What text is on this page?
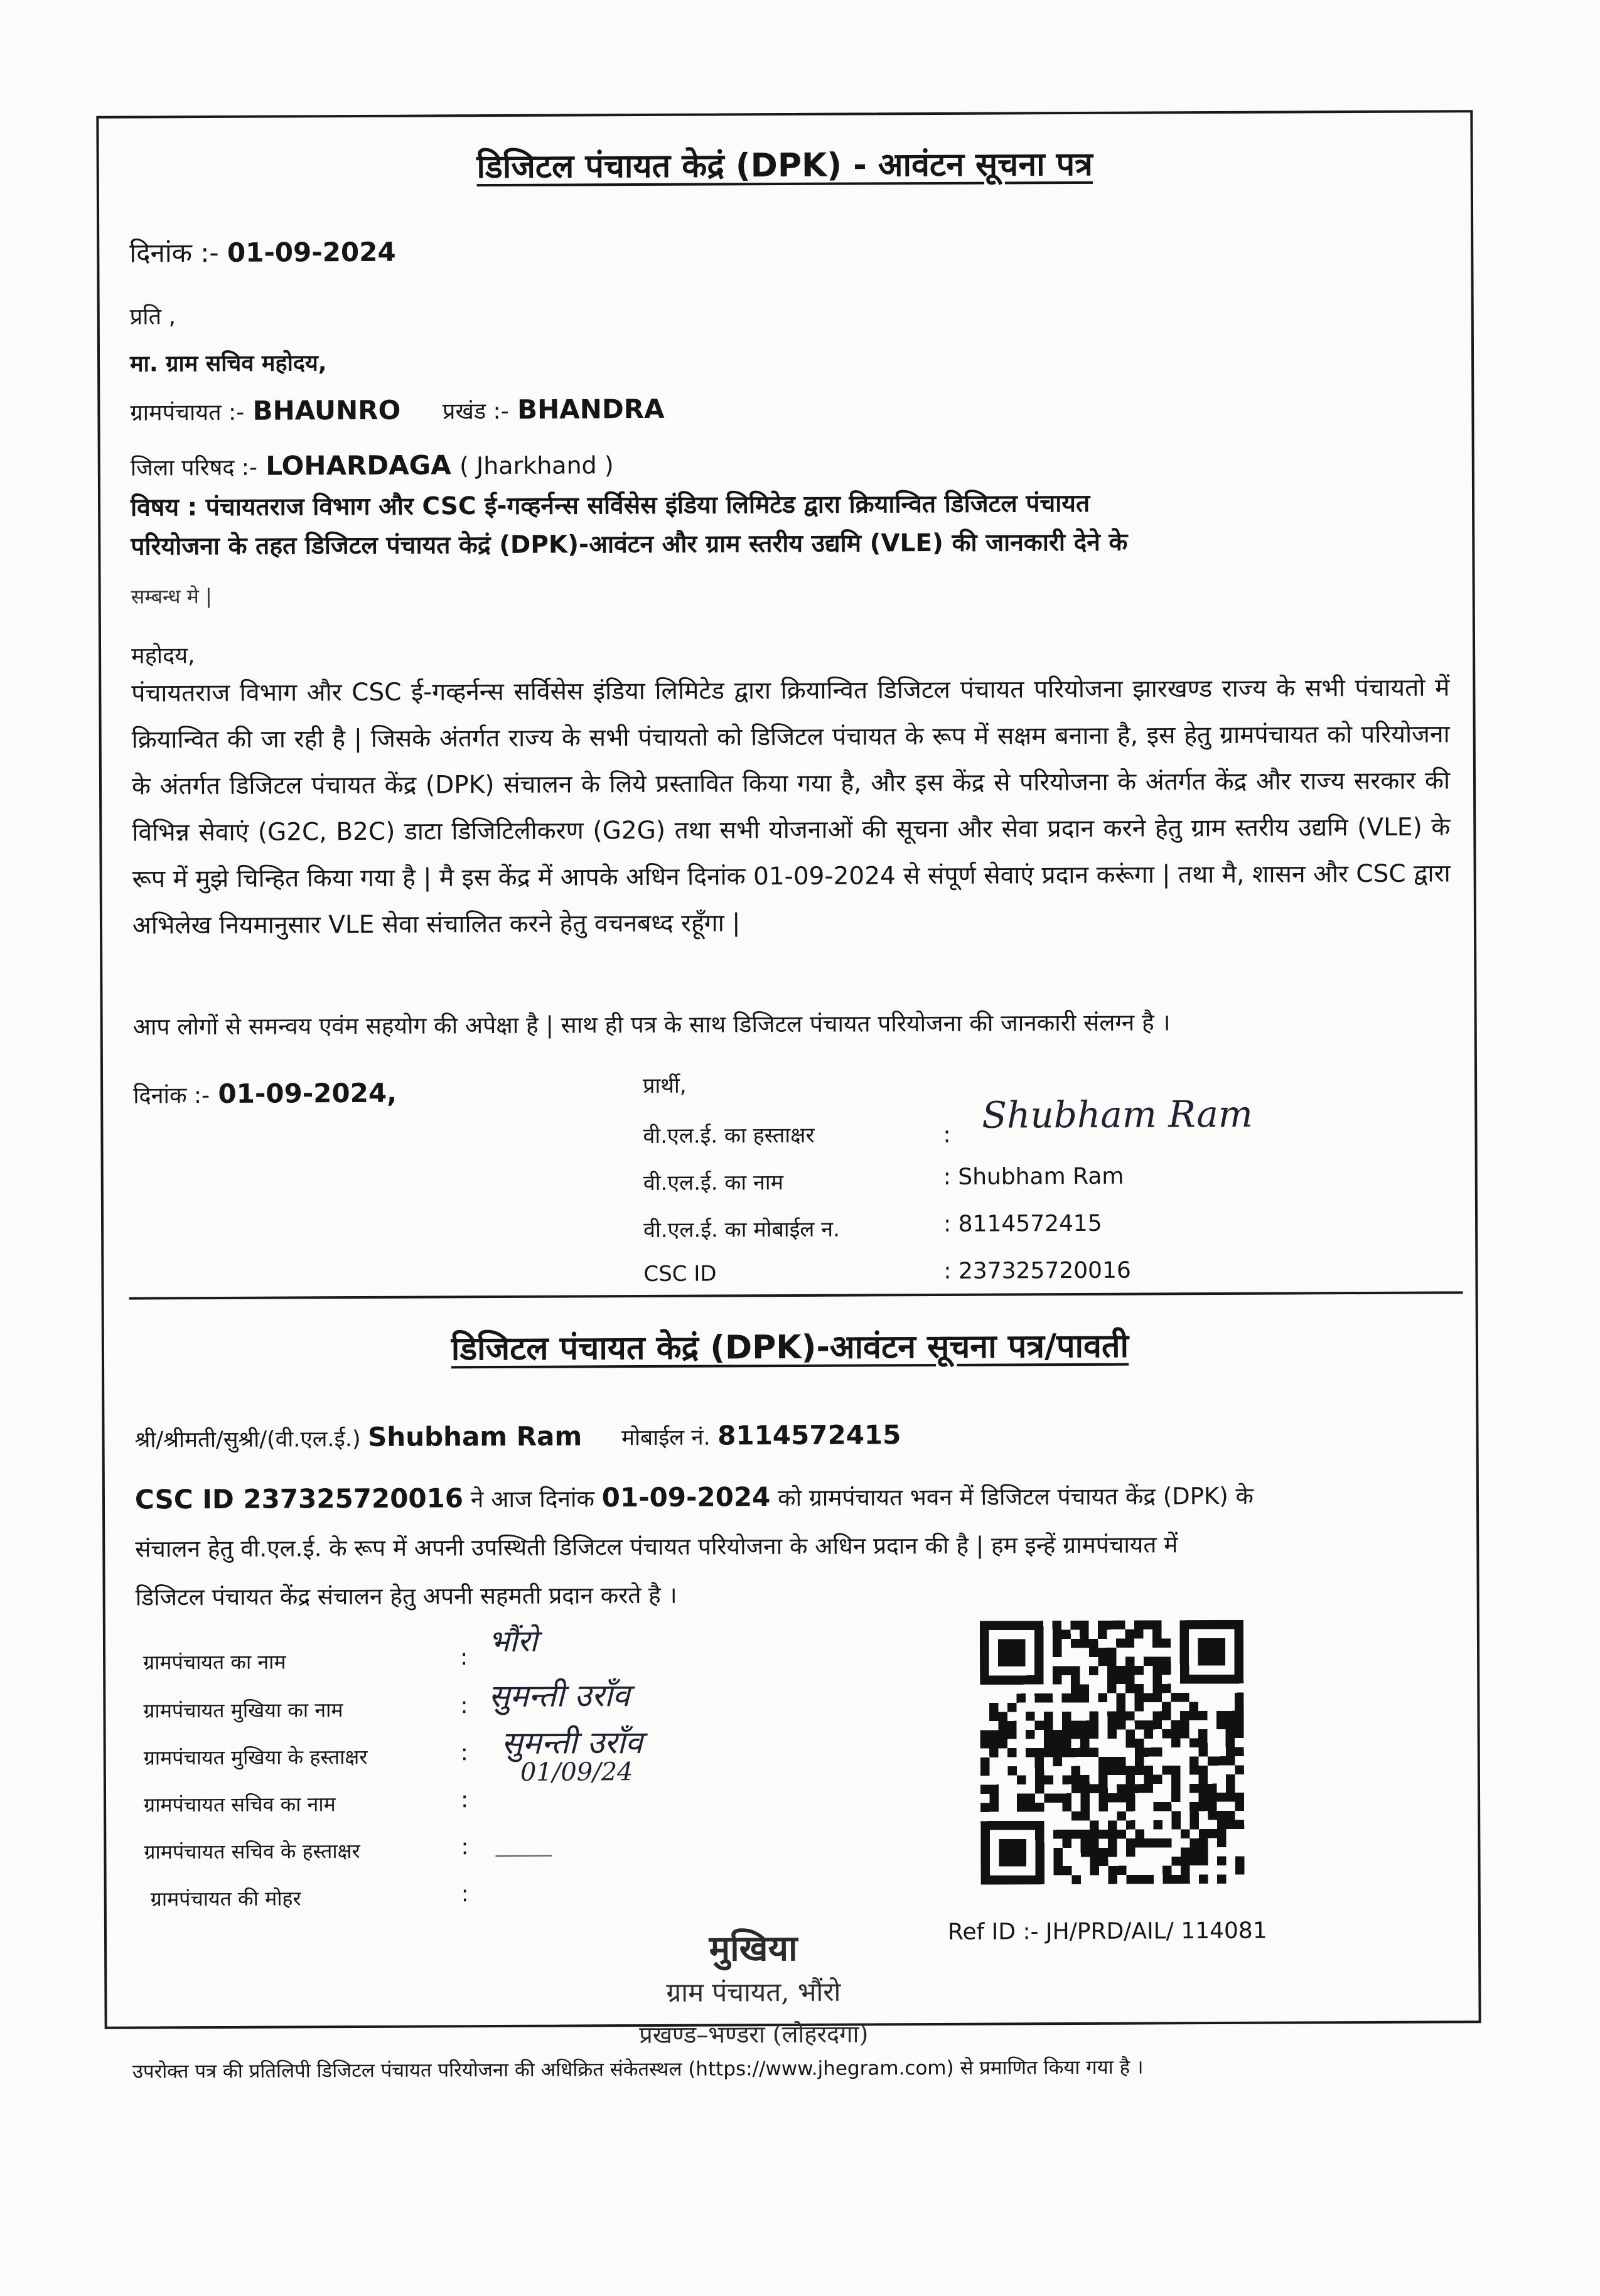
डिजिटल पंचायत केद्रं (DPK) - आवंटन सूचना पत्र
दिनांक :- 01-09-2024
प्रति ,
मा. ग्राम सचिव महोदय,
ग्रामपंचायत :- BHAUNRO प्रखंड :- BHANDRA
जिला परिषद :- LOHARDAGA ( Jharkhand )
विषय : पंचायतराज विभाग और CSC ई-गव्हर्नन्स सर्विसेस इंडिया लिमिटेड द्वारा क्रियान्वित डिजिटल पंचायत
परियोजना के तहत डिजिटल पंचायत केद्रं (DPK)-आवंटन और ग्राम स्तरीय उद्यमि (VLE) की जानकारी देने के
सम्बन्ध मे |
महोदय,
पंचायतराज विभाग और CSC ई-गव्हर्नन्स सर्विसेस इंडिया लिमिटेड द्वारा क्रियान्वित डिजिटल पंचायत परियोजना झारखण्ड राज्य के सभी पंचायतो में क्रियान्वित की जा रही है | जिसके अंतर्गत राज्य के सभी पंचायतो को डिजिटल पंचायत के रूप में सक्षम बनाना है, इस हेतु ग्रामपंचायत को परियोजना के अंतर्गत डिजिटल पंचायत केंद्र (DPK) संचालन के लिये प्रस्तावित किया गया है, और इस केंद्र से परियोजना के अंतर्गत केंद्र और राज्य सरकार की विभिन्न सेवाएं (G2C, B2C) डाटा डिजिटिलीकरण (G2G) तथा सभी योजनाओं की सूचना और सेवा प्रदान करने हेतु ग्राम स्तरीय उद्यमि (VLE) के रूप में मुझे चिन्हित किया गया है | मै इस केंद्र में आपके अधिन दिनांक 01-09-2024 से संपूर्ण सेवाएं प्रदान करूंगा | तथा मै, शासन और CSC द्वारा अभिलेख नियमानुसार VLE सेवा संचालित करने हेतु वचनबध्द रहूँगा |
आप लोगों से समन्वय एवंम सहयोग की अपेक्षा है | साथ ही पत्र के साथ डिजिटल पंचायत परियोजना की जानकारी संलग्न है ।
दिनांक :- 01-09-2024,	प्रार्थी,
वी.एल.ई. का हस्ताक्षर	: Shubham Ram
वी.एल.ई. का नाम	: Shubham Ram
वी.एल.ई. का मोबाईल न.	: 8114572415
CSC ID	: 237325720016
डिजिटल पंचायत केद्रं (DPK)-आवंटन सूचना पत्र/पावती
श्री/श्रीमती/सुश्री/(वी.एल.ई.) Shubham Ram मोबाईल नं. 8114572415
CSC ID 237325720016 ने आज दिनांक 01-09-2024 को ग्रामपंचायत भवन में डिजिटल पंचायत केंद्र (DPK) के
संचालन हेतु वी.एल.ई. के रूप में अपनी उपस्थिती डिजिटल पंचायत परियोजना के अधिन प्रदान की है | हम इन्हें ग्रामपंचायत में
डिजिटल पंचायत केंद्र संचालन हेतु अपनी सहमती प्रदान करते है ।
ग्रामपंचायत का नाम	: भौंरो
ग्रामपंचायत मुखिया का नाम	: सुमन्ती उराँव
ग्रामपंचायत मुखिया के हस्ताक्षर	: सुमन्ती उराँव
01/09/24
ग्रामपंचायत सचिव का नाम	:
ग्रामपंचायत सचिव के हस्ताक्षर	:
ग्रामपंचायत की मोहर	:
मुखिया
ग्राम पंचायत, भौंरो
प्रखण्ड–भण्डरा (लोहरदगा)
Ref ID :- JH/PRD/AIL/ 114081
उपरोक्त पत्र की प्रतिलिपी डिजिटल पंचायत परियोजना की अधिक्रित संकेतस्थल (https://www.jhegram.com) से प्रमाणित किया गया है ।
